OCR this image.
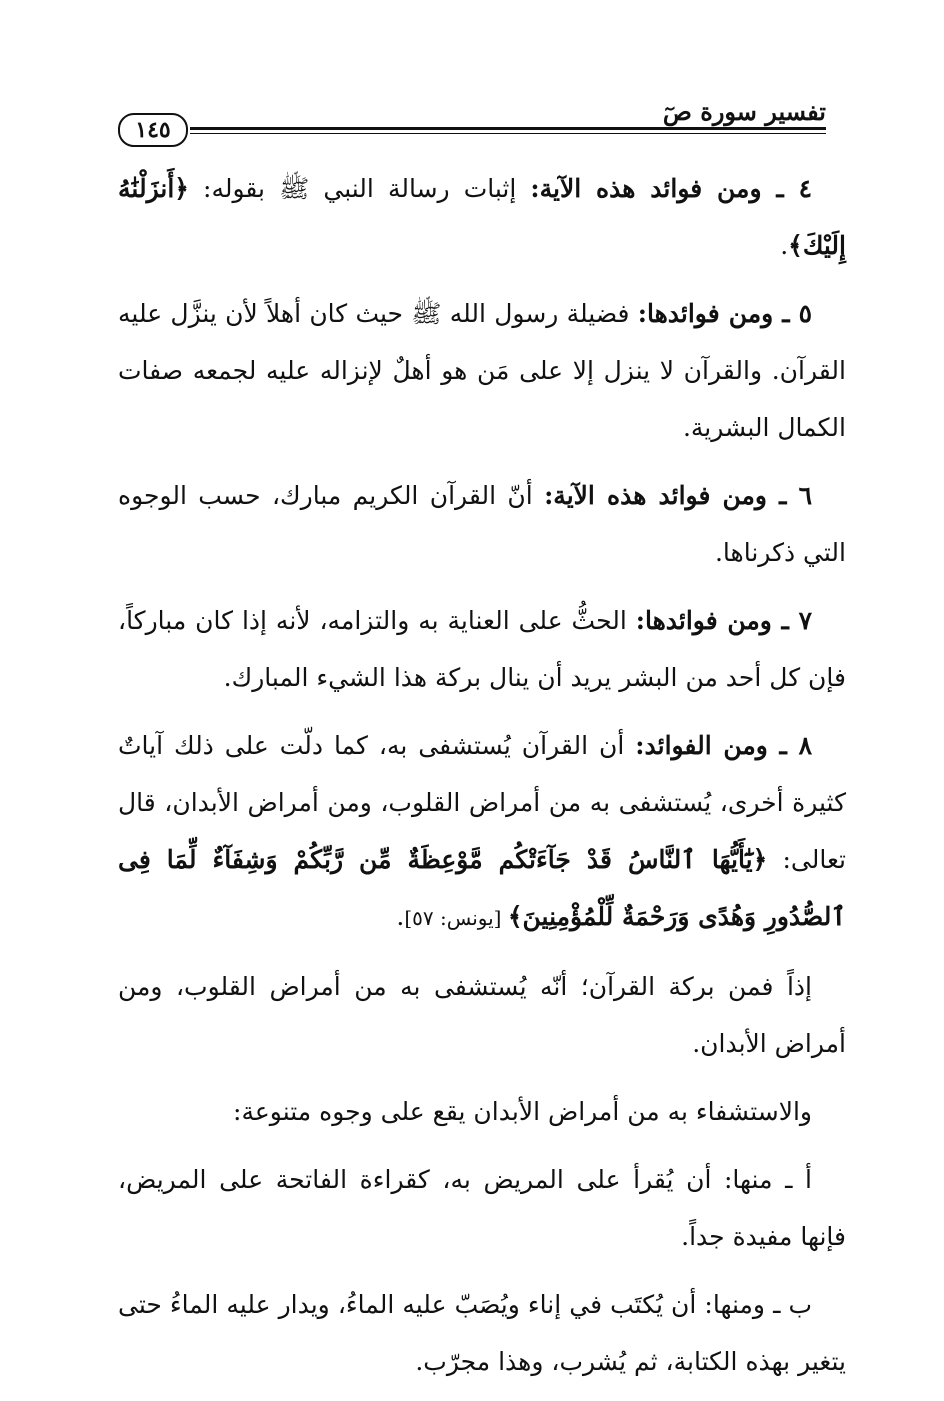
تفسير سورة صٓ
١٤٥

٤ ـ ومن فوائد هذه الآية: إثبات رسالة النبي ﷺ بقوله: ﴿أَنزَلْنَٰهُ إِلَيْكَ﴾.

٥ ـ ومن فوائدها: فضيلة رسول الله ﷺ حيث كان أهلاً لأن ينزَّل عليه القرآن. والقرآن لا ينزل إلا على مَن هو أهلٌ لإنزاله عليه لجمعه صفات الكمال البشرية.

٦ ـ ومن فوائد هذه الآية: أنّ القرآن الكريم مبارك، حسب الوجوه التي ذكرناها.

٧ ـ ومن فوائدها: الحثُّ على العناية به والتزامه، لأنه إذا كان مباركاً، فإن كل أحد من البشر يريد أن ينال بركة هذا الشيء المبارك.

٨ ـ ومن الفوائد: أن القرآن يُستشفى به، كما دلّت على ذلك آياتٌ كثيرة أخرى، يُستشفى به من أمراض القلوب، ومن أمراض الأبدان، قال تعالى: ﴿يَٰٓأَيُّهَا ٱلنَّاسُ قَدْ جَآءَتْكُم مَّوْعِظَةٌ مِّن رَّبِّكُمْ وَشِفَآءٌ لِّمَا فِى ٱلصُّدُورِ وَهُدًى وَرَحْمَةٌ لِّلْمُؤْمِنِينَ﴾ [يونس: ٥٧].

إذاً فمن بركة القرآن؛ أنّه يُستشفى به من أمراض القلوب، ومن أمراض الأبدان.

والاستشفاء به من أمراض الأبدان يقع على وجوه متنوعة:

أ ـ منها: أن يُقرأ على المريض به، كقراءة الفاتحة على المريض، فإنها مفيدة جداً.

ب ـ ومنها: أن يُكتَب في إناء ويُصَبّ عليه الماءُ، ويدار عليه الماءُ حتى يتغير بهذه الكتابة، ثم يُشرب، وهذا مجرّب.
